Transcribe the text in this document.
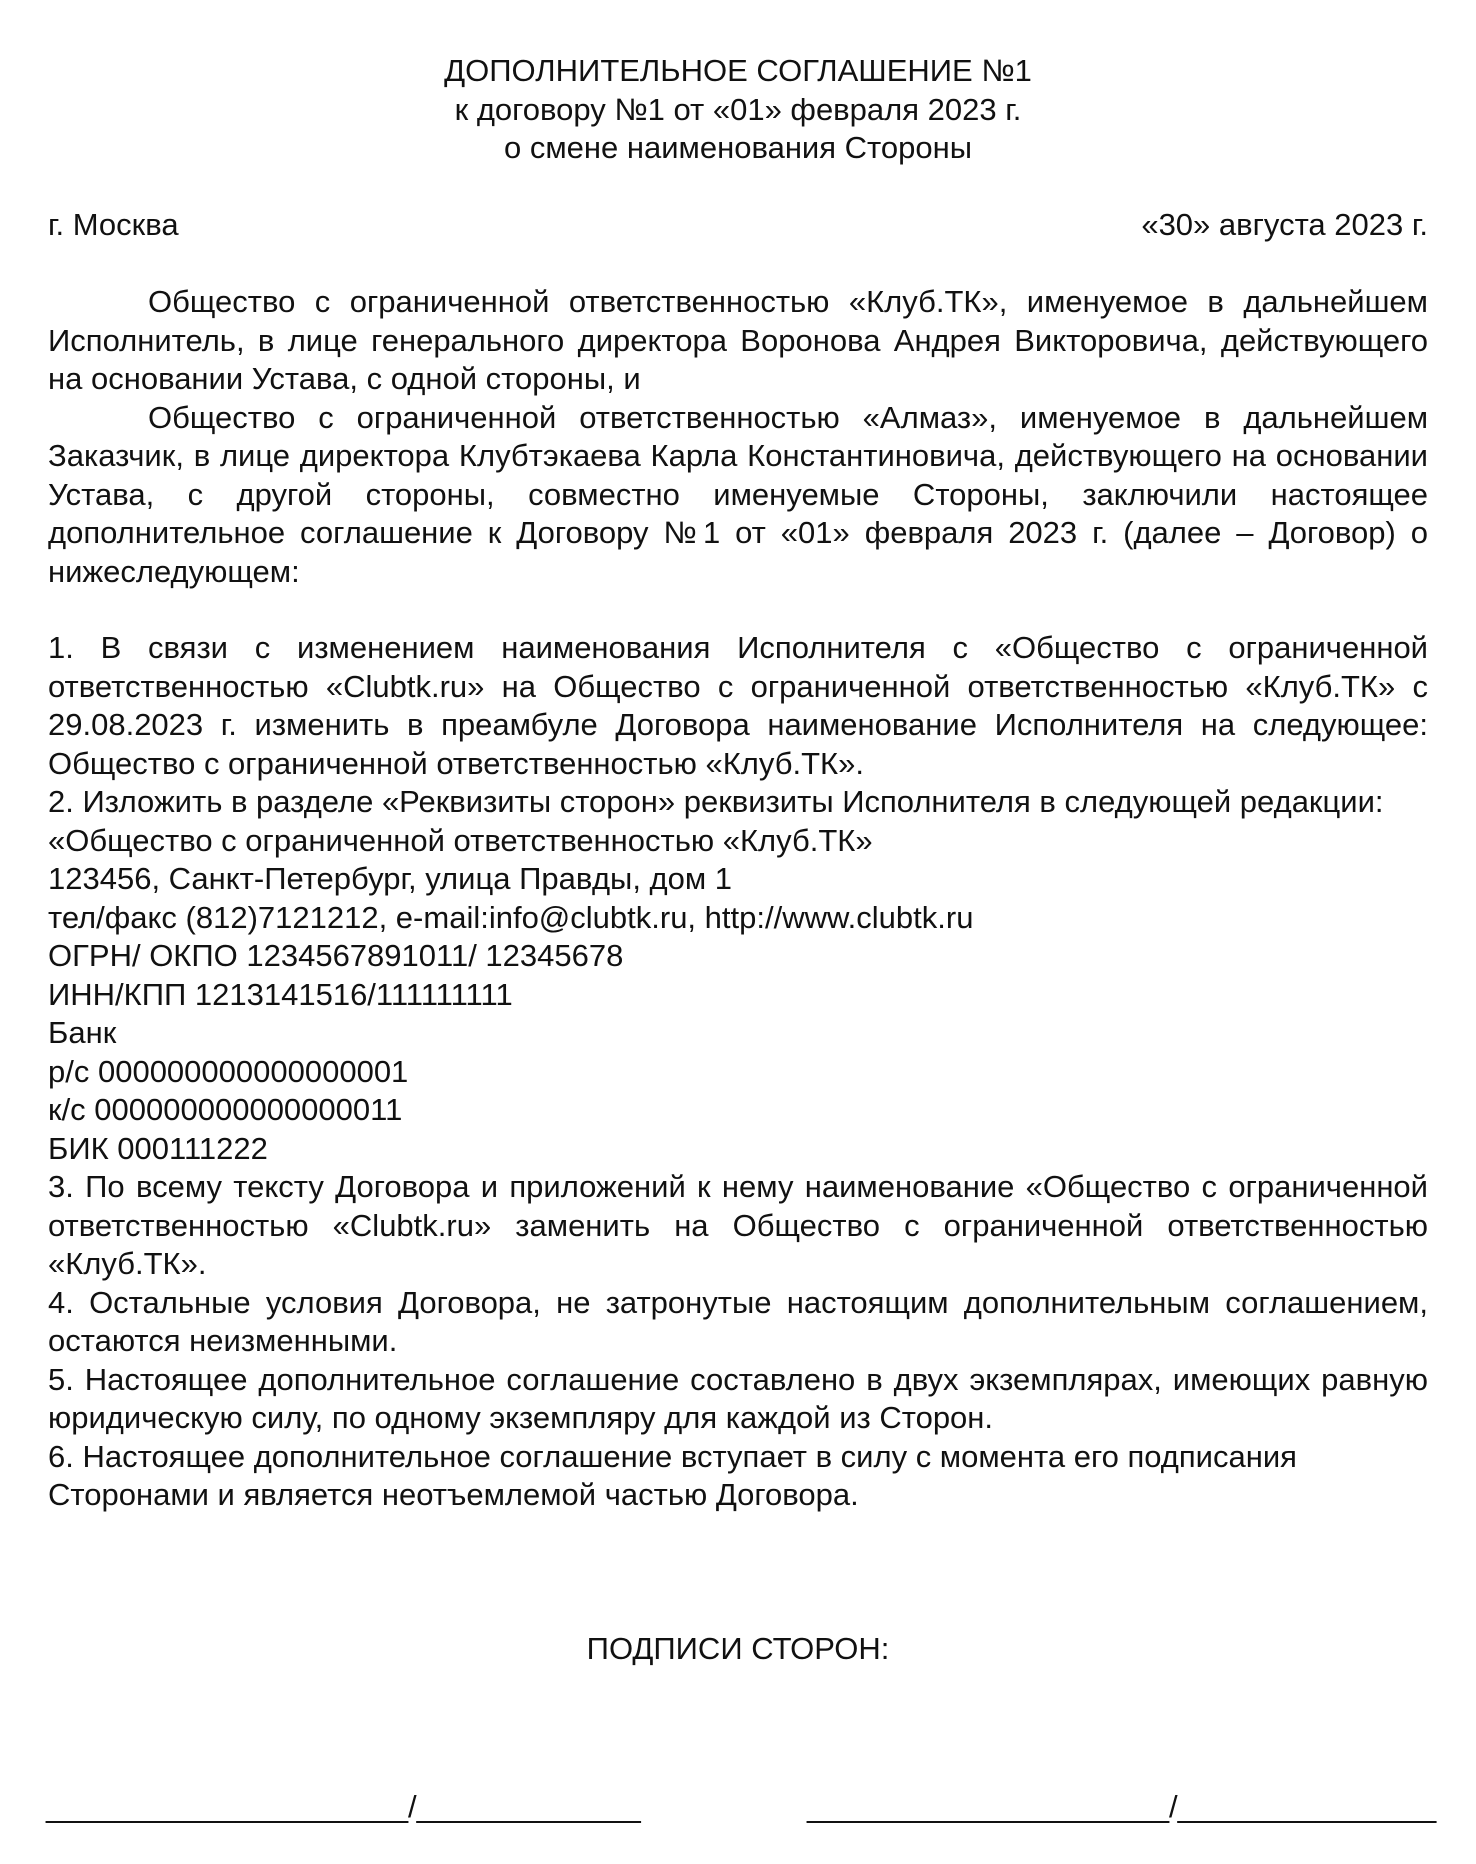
ДОПОЛНИТЕЛЬНОЕ СОГЛАШЕНИЕ №1
к договору №1 от «01» февраля 2023 г.
о смене наименования Стороны
г. Москва	«30» августа 2023 г.

Общество с ограниченной ответственностью «Клуб.ТК», именуемое в дальнейшем Исполнитель, в лице генерального директора Воронова Андрея Викторовича, действующего на основании Устава, с одной стороны, и

Общество с ограниченной ответственностью «Алмаз», именуемое в дальнейшем Заказчик, в лице директора Клубтэкаева Карла Константиновича, действующего на основании Устава, с другой стороны, совместно именуемые Стороны, заключили настоящее дополнительное соглашение к Договору №1 от «01» февраля 2023 г. (далее – Договор) о нижеследующем:

1. В связи с изменением наименования Исполнителя с «Общество с ограниченной ответственностью «Clubtk.ru» на Общество с ограниченной ответственностью «Клуб.ТК» с 29.08.2023 г. изменить в преамбуле Договора наименование Исполнителя на следующее: Общество с ограниченной ответственностью «Клуб.ТК».

2. Изложить в разделе «Реквизиты сторон» реквизиты Исполнителя в следующей редакции:

«Общество с ограниченной ответственностью «Клуб.ТК»
123456, Санкт-Петербург, улица Правды, дом 1
тел/факс (812)7121212, e-mail:info@clubtk.ru, http://www.clubtk.ru
ОГРН/ ОКПО 1234567891011/ 12345678
ИНН/КПП 1213141516/111111111
Банк
р/с 000000000000000001
к/с 000000000000000011
БИК 000111222

3. По всему тексту Договора и приложений к нему наименование «Общество с ограниченной ответственностью «Clubtk.ru» заменить на Общество с ограниченной ответственностью «Клуб.ТК».

4. Остальные условия Договора, не затронутые настоящим дополнительным соглашением, остаются неизменными.

5. Настоящее дополнительное соглашение составлено в двух экземплярах, имеющих равную юридическую силу, по одному экземпляру для каждой из Сторон.

6. Настоящее дополнительное соглашение вступает в силу с момента его подписания Сторонами и является неотъемлемой частью Договора.

ПОДПИСИ СТОРОН:
_____________________/_____________	_____________________/_______________
